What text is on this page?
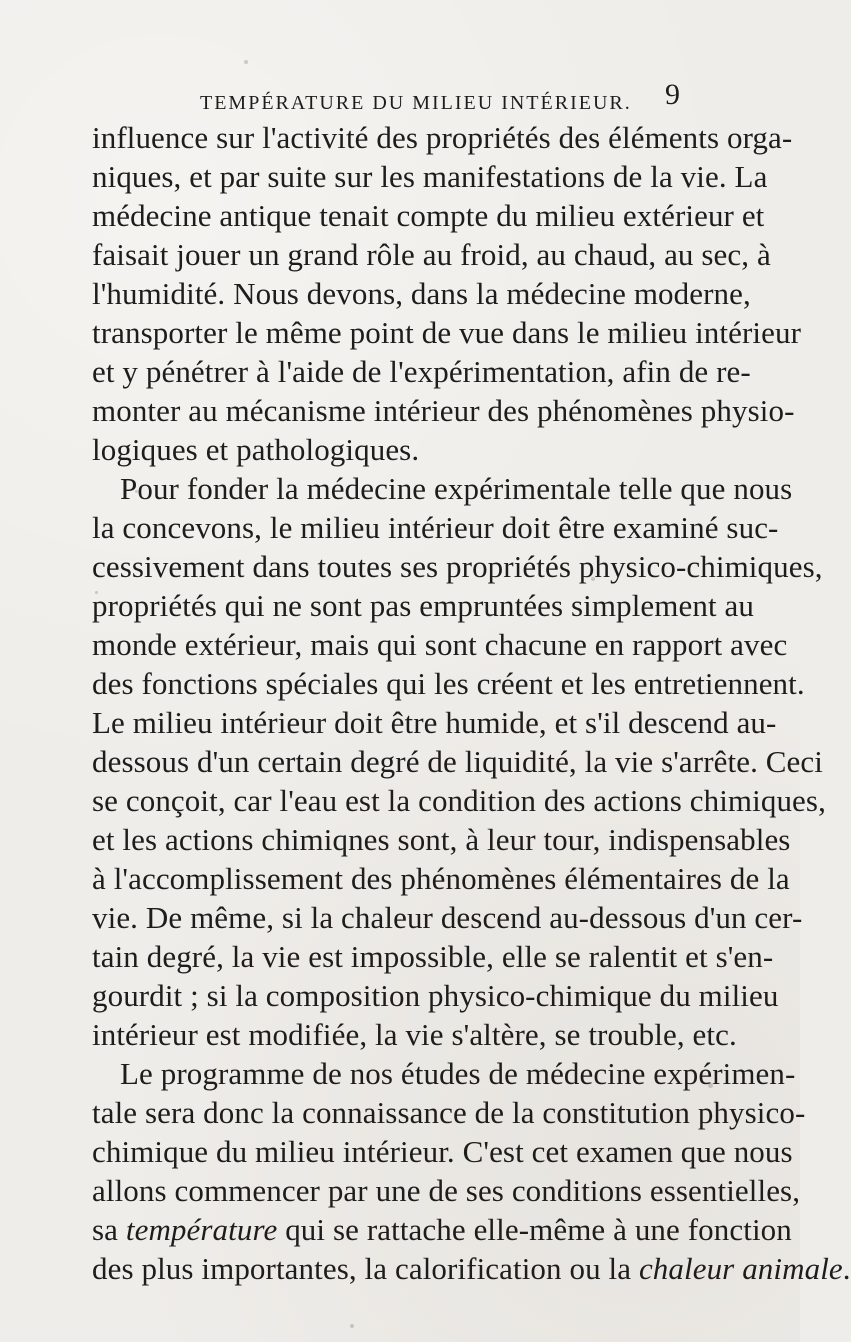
TEMPÉRATURE DU MILIEU INTÉRIEUR. 9
influence sur l'activité des propriétés des éléments orga-
niques, et par suite sur les manifestations de la vie. La
médecine antique tenait compte du milieu extérieur et
faisait jouer un grand rôle au froid, au chaud, au sec, à
l'humidité. Nous devons, dans la médecine moderne,
transporter le même point de vue dans le milieu intérieur
et y pénétrer à l'aide de l'expérimentation, afin de re-
monter au mécanisme intérieur des phénomènes physio-
logiques et pathologiques.
Pour fonder la médecine expérimentale telle que nous
la concevons, le milieu intérieur doit être examiné suc-
cessivement dans toutes ses propriétés physico-chimiques,
propriétés qui ne sont pas empruntées simplement au
monde extérieur, mais qui sont chacune en rapport avec
des fonctions spéciales qui les créent et les entretiennent.
Le milieu intérieur doit être humide, et s'il descend au-
dessous d'un certain degré de liquidité, la vie s'arrête. Ceci
se conçoit, car l'eau est la condition des actions chimiques,
et les actions chimiqnes sont, à leur tour, indispensables
à l'accomplissement des phénomènes élémentaires de la
vie. De même, si la chaleur descend au-dessous d'un cer-
tain degré, la vie est impossible, elle se ralentit et s'en-
gourdit ; si la composition physico-chimique du milieu
intérieur est modifiée, la vie s'altère, se trouble, etc.
Le programme de nos études de médecine expérimen-
tale sera donc la connaissance de la constitution physico-
chimique du milieu intérieur. C'est cet examen que nous
allons commencer par une de ses conditions essentielles,
sa température qui se rattache elle-même à une fonction
des plus importantes, la calorification ou la chaleur animale.
